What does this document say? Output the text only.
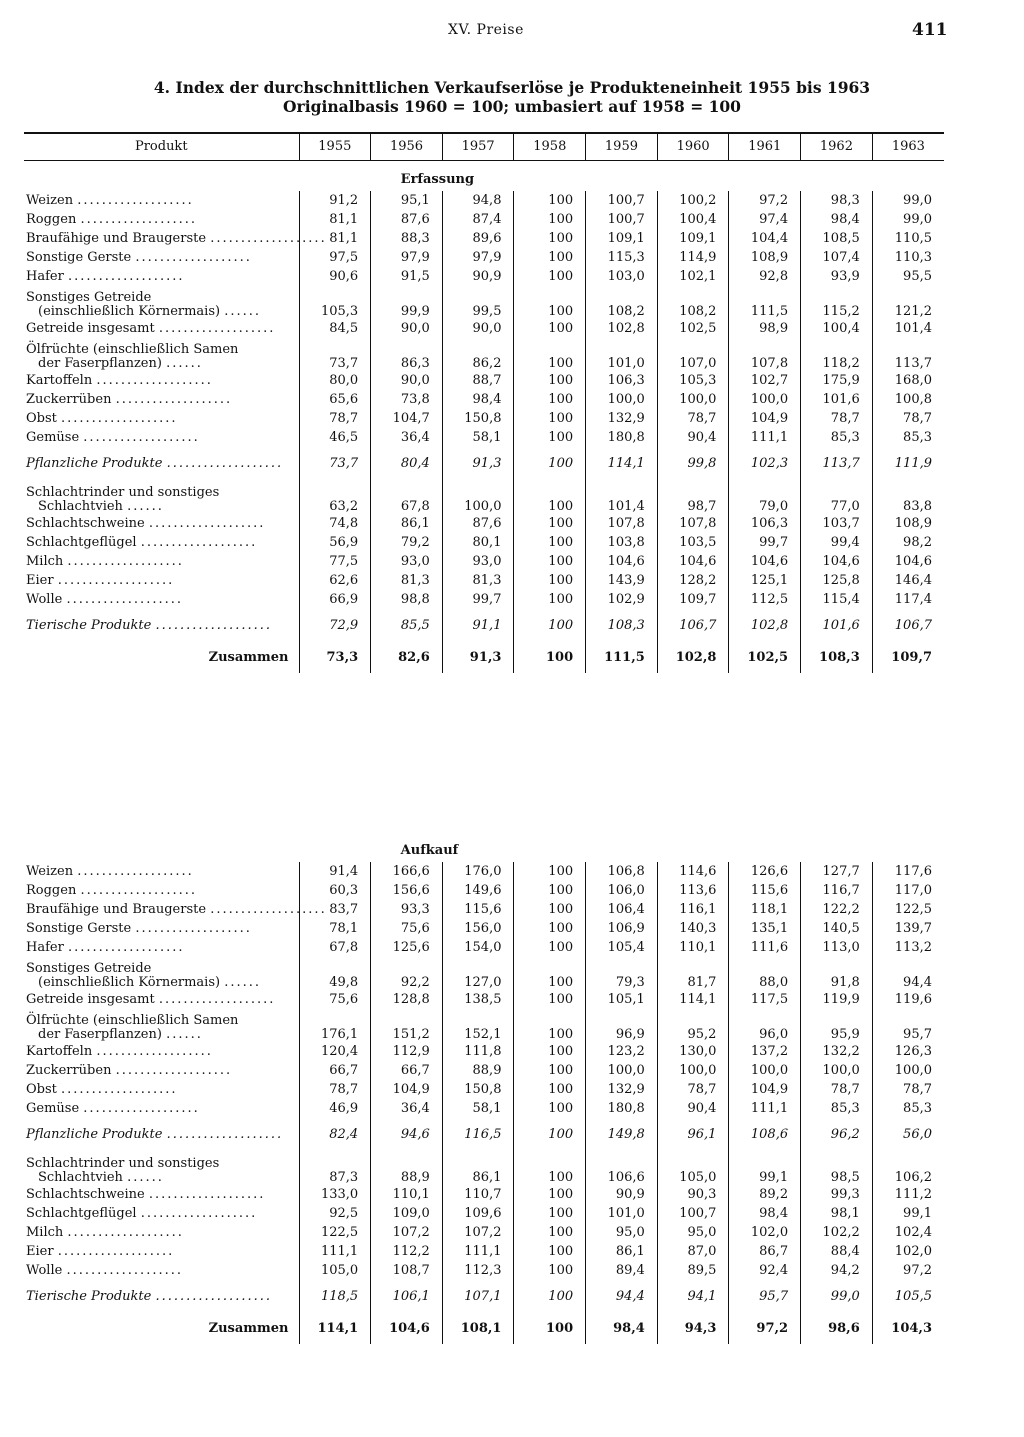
XV. Preise	411
4. Index der durchschnittlichen Verkaufserlöse je Produkteneinheit 1955 bis 1963
Originalbasis 1960 = 100; umbasiert auf 1958 = 100
Produkt	1955	1956	1957	1958	1959	1960	1961	1962	1963
		Erfassung							
Weizen ...................	91,2	95,1	94,8	100	100,7	100,2	97,2	98,3	99,0
Roggen ...................	81,1	87,6	87,4	100	100,7	100,4	97,4	98,4	99,0
Braufähige und Braugerste ...................	81,1	88,3	89,6	100	109,1	109,1	104,4	108,5	110,5
Sonstige Gerste ...................	97,5	97,9	97,9	100	115,3	114,9	108,9	107,4	110,3
Hafer ...................	90,6	91,5	90,9	100	103,0	102,1	92,8	93,9	95,5

Sonstiges Getreide
(einschließlich Körnermais) ......	105,3	99,9	99,5	100	108,2	108,2	111,5	115,2	121,2
Getreide insgesamt ...................	84,5	90,0	90,0	100	102,8	102,5	98,9	100,4	101,4

Ölfrüchte (einschließlich Samen
der Faserpflanzen) ......	73,7	86,3	86,2	100	101,0	107,0	107,8	118,2	113,7
Kartoffeln ...................	80,0	90,0	88,7	100	106,3	105,3	102,7	175,9	168,0
Zuckerrüben ...................	65,6	73,8	98,4	100	100,0	100,0	100,0	101,6	100,8
Obst ...................	78,7	104,7	150,8	100	132,9	78,7	104,9	78,7	78,7
Gemüse ...................	46,5	36,4	58,1	100	180,8	90,4	111,1	85,3	85,3
Pflanzliche Produkte ...................	73,7	80,4	91,3	100	114,1	99,8	102,3	113,7	111,9

Schlachtrinder und sonstiges
Schlachtvieh ......	63,2	67,8	100,0	100	101,4	98,7	79,0	77,0	83,8
Schlachtschweine ...................	74,8	86,1	87,6	100	107,8	107,8	106,3	103,7	108,9
Schlachtgeflügel ...................	56,9	79,2	80,1	100	103,8	103,5	99,7	99,4	98,2
Milch ...................	77,5	93,0	93,0	100	104,6	104,6	104,6	104,6	104,6
Eier ...................	62,6	81,3	81,3	100	143,9	128,2	125,1	125,8	146,4
Wolle ...................	66,9	98,8	99,7	100	102,9	109,7	112,5	115,4	117,4
Tierische Produkte ...................	72,9	85,5	91,1	100	108,3	106,7	102,8	101,6	106,7
Zusammen	73,3	82,6	91,3	100	111,5	102,8	102,5	108,3	109,7
		Aufkauf							
Weizen ...................	91,4	166,6	176,0	100	106,8	114,6	126,6	127,7	117,6
Roggen ...................	60,3	156,6	149,6	100	106,0	113,6	115,6	116,7	117,0
Braufähige und Braugerste ...................	83,7	93,3	115,6	100	106,4	116,1	118,1	122,2	122,5
Sonstige Gerste ...................	78,1	75,6	156,0	100	106,9	140,3	135,1	140,5	139,7
Hafer ...................	67,8	125,6	154,0	100	105,4	110,1	111,6	113,0	113,2

Sonstiges Getreide
(einschließlich Körnermais) ......	49,8	92,2	127,0	100	79,3	81,7	88,0	91,8	94,4
Getreide insgesamt ...................	75,6	128,8	138,5	100	105,1	114,1	117,5	119,9	119,6

Ölfrüchte (einschließlich Samen
der Faserpflanzen) ......	176,1	151,2	152,1	100	96,9	95,2	96,0	95,9	95,7
Kartoffeln ...................	120,4	112,9	111,8	100	123,2	130,0	137,2	132,2	126,3
Zuckerrüben ...................	66,7	66,7	88,9	100	100,0	100,0	100,0	100,0	100,0
Obst ...................	78,7	104,9	150,8	100	132,9	78,7	104,9	78,7	78,7
Gemüse ...................	46,9	36,4	58,1	100	180,8	90,4	111,1	85,3	85,3
Pflanzliche Produkte ...................	82,4	94,6	116,5	100	149,8	96,1	108,6	96,2	56,0

Schlachtrinder und sonstiges
Schlachtvieh ......	87,3	88,9	86,1	100	106,6	105,0	99,1	98,5	106,2
Schlachtschweine ...................	133,0	110,1	110,7	100	90,9	90,3	89,2	99,3	111,2
Schlachtgeflügel ...................	92,5	109,0	109,6	100	101,0	100,7	98,4	98,1	99,1
Milch ...................	122,5	107,2	107,2	100	95,0	95,0	102,0	102,2	102,4
Eier ...................	111,1	112,2	111,1	100	86,1	87,0	86,7	88,4	102,0
Wolle ...................	105,0	108,7	112,3	100	89,4	89,5	92,4	94,2	97,2
Tierische Produkte ...................	118,5	106,1	107,1	100	94,4	94,1	95,7	99,0	105,5
Zusammen	114,1	104,6	108,1	100	98,4	94,3	97,2	98,6	104,3
